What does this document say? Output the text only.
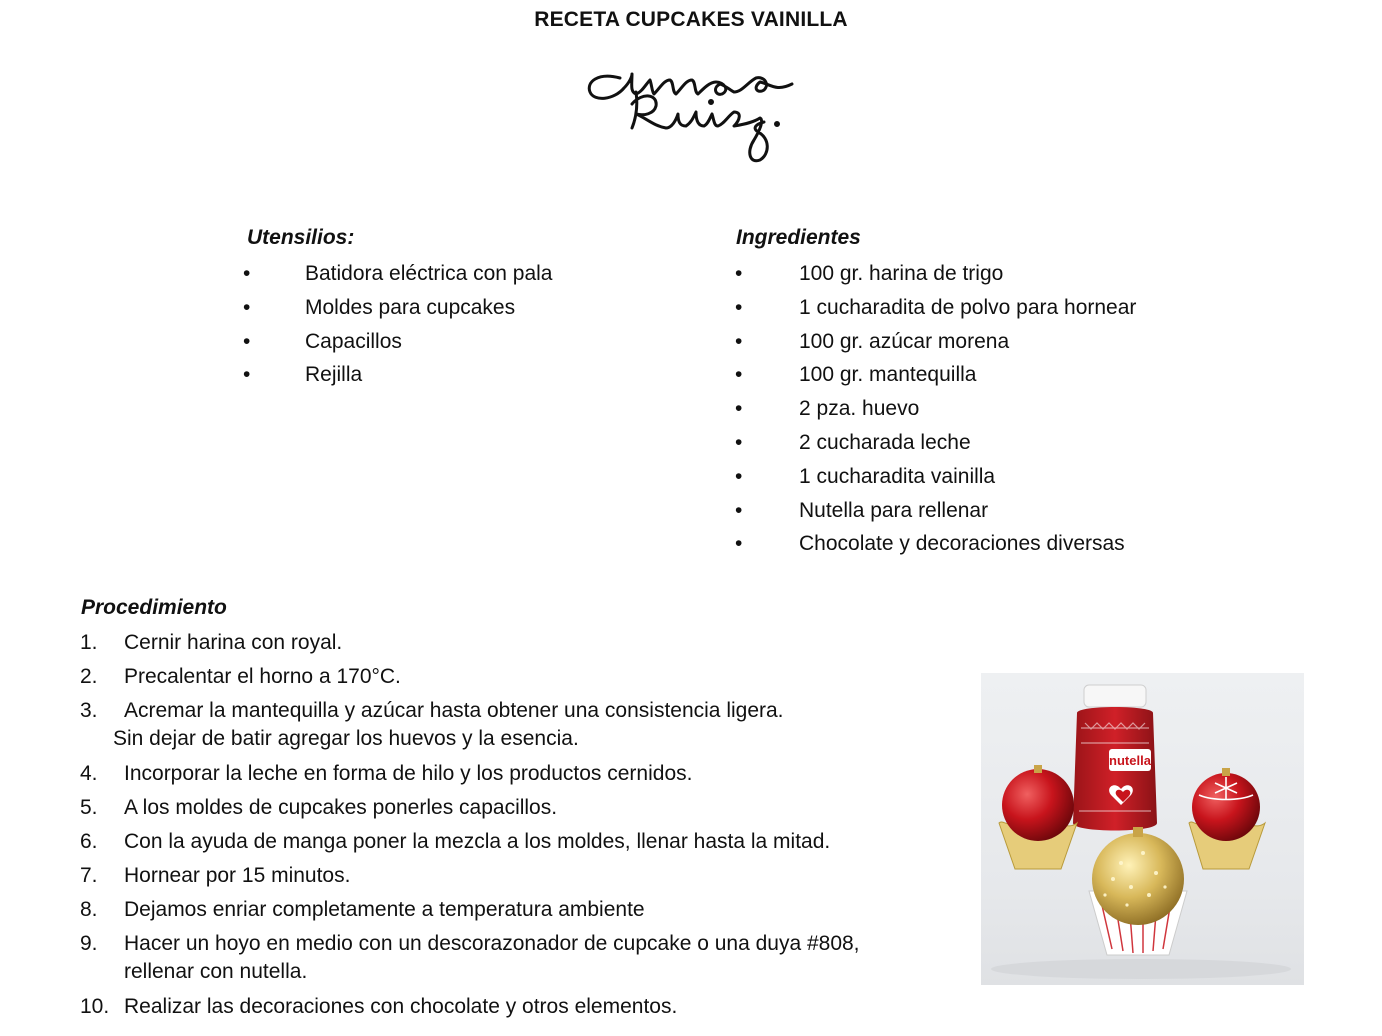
RECETA CUPCAKES VAINILLA
Utensilios:
•	Batidora eléctrica con pala
•	Moldes para cupcakes
•	Capacillos
•	Rejilla
Ingredientes
•	100 gr. harina de trigo
•	1 cucharadita de polvo para hornear
•	100 gr. azúcar morena
•	100 gr. mantequilla
•	2 pza. huevo
•	2 cucharada leche
•	1 cucharadita vainilla
•	Nutella para rellenar
•	Chocolate y decoraciones diversas
Procedimiento
1. Cernir harina con royal.
2. Precalentar el horno a 170°C.
3. Acremar la mantequilla y azúcar hasta obtener una consistencia ligera.
Sin dejar de batir agregar los huevos y la esencia.
4. Incorporar la leche en forma de hilo y los productos cernidos.
5. A los moldes de cupcakes ponerles capacillos.
6. Con la ayuda de manga poner la mezcla a los moldes, llenar hasta la mitad.
7. Hornear por 15 minutos.
8. Dejamos enriar completamente a temperatura ambiente
9. Hacer un hoyo en medio con un descorazonador de cupcake o una duya #808,
rellenar con nutella.
10. Realizar las decoraciones con chocolate y otros elementos.
nutella
